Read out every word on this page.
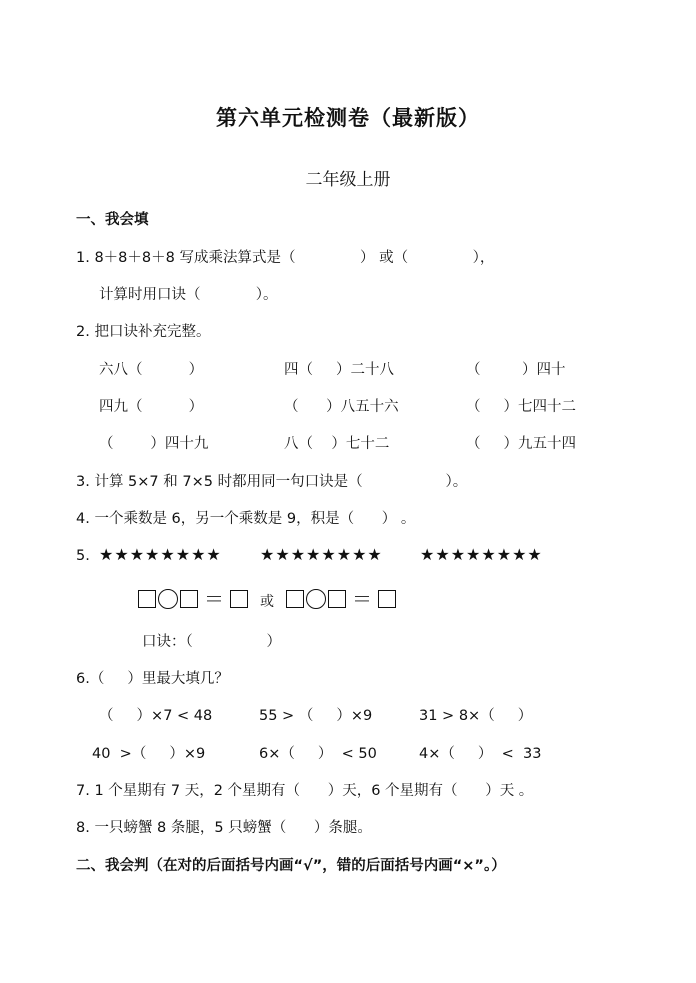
第六单元检测卷（最新版）
二年级上册
一、我会填
1. 8＋8＋8＋8 写成乘法算式是（              ） 或（              ），
计算时用口诀（            ）。
2. 把口诀补充完整。
六八（          ）	四（     ）二十八	（         ）四十
四九（          ）	（      ）八五十六	（     ）七四十二
（        ）四十九	八（    ）七十二	（     ）九五十四
3. 计算 5×7 和 7×5 时都用同一句口诀是（                  ）。
4. 一个乘数是 6，另一个乘数是 9，积是（      ） 。
5. ★★★★★★★★ ★★★★★★★★ ★★★★★★★★
＝	或	＝
口诀：（                ）
6.（     ）里最大填几？
（     ）×7 < 48	55 > （     ）×9	31 > 8×（     ）
40  >（     ）×9	6×（     ）  < 50	4×（     ）  <  33
7. 1 个星期有 7 天，2 个星期有（      ）天，6 个星期有（      ）天 。
8. 一只螃蟹 8 条腿，5 只螃蟹（      ）条腿。
二、我会判（在对的后面括号内画“√”，错的后面括号内画“×”。）
